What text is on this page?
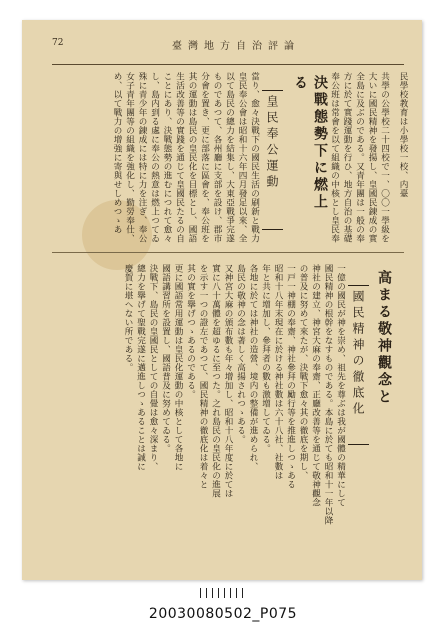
72	臺灣地方自治評論
決戰態勢下に燃上る
皇民奉公運動	民學校教育は小學校一校、内臺
共學の公學校二十四校で一、〇〇一學級を
大いに國民精神を發揚し、皇國民錬成の實
全島に及ぶのである。又青年團は一般の奉
方に於て實踐運動を行ひ、地方自治の基礎
奉公班は常會を以て組織の中核とし皇民奉
當り、愈々決戰下の國民生活の刷新と戰力
皇民奉公會は昭和十六年四月發足以來、全
以て島民の總力を結集し、大東亞戰爭完遂
ものであつて、各州廳に支部を設け、郡市
分會を置き、更に部落に區會を、奉公班を
其の運動は島民の皇民化を目標とし、國語
生活改善等の實踐を通じて皇國民たるの自
ことにあり、決戰態勢の進むにつれて愈々
し、島内到る處に奉公の熱意は燃上つてゐ
殊に青少年の錬成には特に力を注ぎ、奉公
女子青年團等の組織を強化し、勤勞奉仕、
め、以て戰力の增強に寄與せしめつゝあ
高まる敬神觀念と
國民精神の徹底化
一億の國民が神を崇め、祖先を尊ぶは我が國體の精華にして
國民精神の根幹をなすものである。本島に於ても昭和十一年以降
神社の建立、神宮大麻の奉齋、正廳改善等を通じて敬神觀念
の普及に努めて來たが、決戰下愈々其の徹底を期し、
一戸一神棚の奉齋、神社參拜の勵行等を推進しつゝある
昭和十八年末現在に於ける神社數は六十八社、社數は
年と共に增加し、參拜者の數も激增してゐる。
各地に於ては神社の造營、境内の整備が進められ、
島民の敬神の念は著しく高揚されつゝある。
又神宮大麻の頒布數も年々增加し、昭和十八年度に於ては
實に八十萬體を超ゆるに至つた。之れ島民の皇民化の進展
を示す一つの證左であつて、國民精神の徹底化は着々と
其の實を擧げつゝあるのである。
更に國語常用運動は皇民化運動の中核として各地に
國語講習所を設置し、國語普及に努めてゐる。
決戰下、島民の皇國民としての自覺は愈々深まり、
總力を擧げて聖戰完遂に邁進しつゝあることは誠に
慶賀に堪へない所である。
20030080502_P075
